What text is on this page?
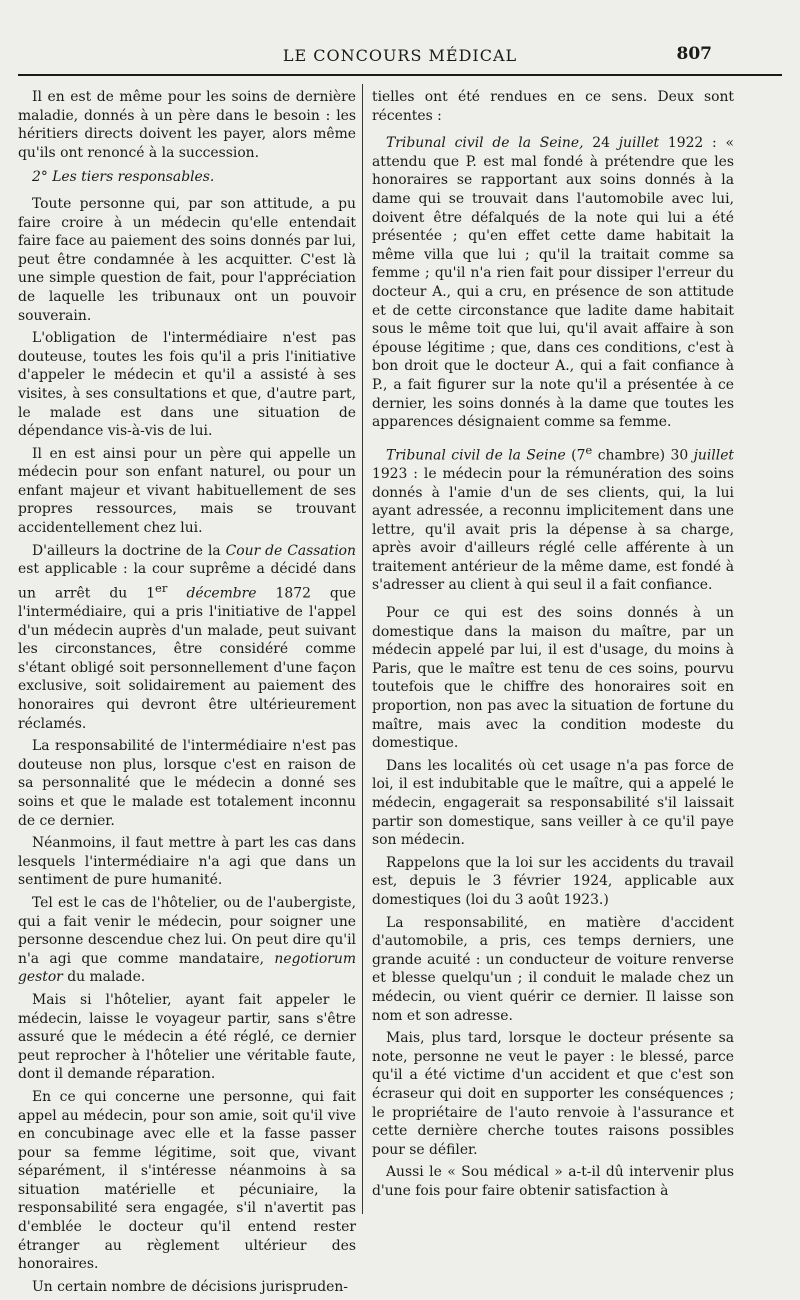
LE CONCOURS MÉDICAL	807

Il en est de même pour les soins de dernière maladie, donnés à un père dans le besoin : les héritiers directs doivent les payer, alors même qu'ils ont renoncé à la succession.

2° Les tiers responsables.

Toute personne qui, par son attitude, a pu faire croire à un médecin qu'elle entendait faire face au paiement des soins donnés par lui, peut être condamnée à les acquitter. C'est là une simple question de fait, pour l'appréciation de laquelle les tribunaux ont un pouvoir souverain.

L'obligation de l'intermédiaire n'est pas douteuse, toutes les fois qu'il a pris l'initiative d'appeler le médecin et qu'il a assisté à ses visites, à ses consultations et que, d'autre part, le malade est dans une situation de dépendance vis-à-vis de lui.

Il en est ainsi pour un père qui appelle un médecin pour son enfant naturel, ou pour un enfant majeur et vivant habituellement de ses propres ressources, mais se trouvant accidentellement chez lui.

D'ailleurs la doctrine de la Cour de Cassation est applicable : la cour suprême a décidé dans un arrêt du 1er décembre 1872 que l'intermédiaire, qui a pris l'initiative de l'appel d'un médecin auprès d'un malade, peut suivant les circonstances, être considéré comme s'étant obligé soit personnellement d'une façon exclusive, soit solidairement au paiement des honoraires qui devront être ultérieurement réclamés.

La responsabilité de l'intermédiaire n'est pas douteuse non plus, lorsque c'est en raison de sa personnalité que le médecin a donné ses soins et que le malade est totalement inconnu de ce dernier.

Néanmoins, il faut mettre à part les cas dans lesquels l'intermédiaire n'a agi que dans un sentiment de pure humanité.

Tel est le cas de l'hôtelier, ou de l'aubergiste, qui a fait venir le médecin, pour soigner une personne descendue chez lui. On peut dire qu'il n'a agi que comme mandataire, negotiorum gestor du malade.

Mais si l'hôtelier, ayant fait appeler le médecin, laisse le voyageur partir, sans s'être assuré que le médecin a été réglé, ce dernier peut reprocher à l'hôtelier une véritable faute, dont il demande réparation.

En ce qui concerne une personne, qui fait appel au médecin, pour son amie, soit qu'il vive en concubinage avec elle et la fasse passer pour sa femme légitime, soit que, vivant séparément, il s'intéresse néanmoins à sa situation matérielle et pécuniaire, la responsabilité sera engagée, s'il n'avertit pas d'emblée le docteur qu'il entend rester étranger au règlement ultérieur des honoraires.

Un certain nombre de décisions jurispruden-

tielles ont été rendues en ce sens. Deux sont récentes :

Tribunal civil de la Seine, 24 juillet 1922 : « attendu que P. est mal fondé à prétendre que les honoraires se rapportant aux soins donnés à la dame qui se trouvait dans l'automobile avec lui, doivent être défalqués de la note qui lui a été présentée ; qu'en effet cette dame habitait la même villa que lui ; qu'il la traitait comme sa femme ; qu'il n'a rien fait pour dissiper l'erreur du docteur A., qui a cru, en présence de son attitude et de cette circonstance que ladite dame habitait sous le même toit que lui, qu'il avait affaire à son épouse légitime ; que, dans ces conditions, c'est à bon droit que le docteur A., qui a fait confiance à P., a fait figurer sur la note qu'il a présentée à ce dernier, les soins donnés à la dame que toutes les apparences désignaient comme sa femme.

Tribunal civil de la Seine (7e chambre) 30 juillet 1923 : le médecin pour la rémunération des soins donnés à l'amie d'un de ses clients, qui, la lui ayant adressée, a reconnu implicitement dans une lettre, qu'il avait pris la dépense à sa charge, après avoir d'ailleurs réglé celle afférente à un traitement antérieur de la même dame, est fondé à s'adresser au client à qui seul il a fait confiance.

Pour ce qui est des soins donnés à un domestique dans la maison du maître, par un médecin appelé par lui, il est d'usage, du moins à Paris, que le maître est tenu de ces soins, pourvu toutefois que le chiffre des honoraires soit en proportion, non pas avec la situation de fortune du maître, mais avec la condition modeste du domestique.

Dans les localités où cet usage n'a pas force de loi, il est indubitable que le maître, qui a appelé le médecin, engagerait sa responsabilité s'il laissait partir son domestique, sans veiller à ce qu'il paye son médecin.

Rappelons que la loi sur les accidents du travail est, depuis le 3 février 1924, applicable aux domestiques (loi du 3 août 1923.)

La responsabilité, en matière d'accident d'automobile, a pris, ces temps derniers, une grande acuité : un conducteur de voiture renverse et blesse quelqu'un ; il conduit le malade chez un médecin, ou vient quérir ce dernier. Il laisse son nom et son adresse.

Mais, plus tard, lorsque le docteur présente sa note, personne ne veut le payer : le blessé, parce qu'il a été victime d'un accident et que c'est son écraseur qui doit en supporter les conséquences ; le propriétaire de l'auto renvoie à l'assurance et cette dernière cherche toutes raisons possibles pour se défiler.

Aussi le « Sou médical » a-t-il dû intervenir plus d'une fois pour faire obtenir satisfaction à
